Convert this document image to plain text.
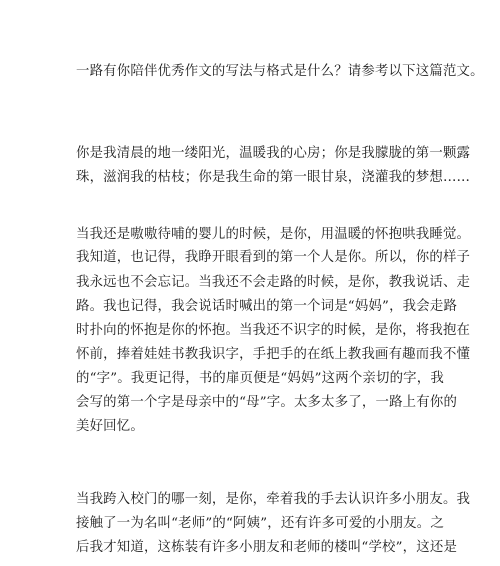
一路有你陪伴优秀作文的写法与格式是什么？请参考以下这篇范文。
你是我清晨的地一缕阳光，温暖我的心房；你是我朦胧的第一颗露
珠，滋润我的枯枝；你是我生命的第一眼甘泉，浇灌我的梦想……
当我还是嗷嗷待哺的婴儿的时候，是你，用温暖的怀抱哄我睡觉。
我知道，也记得，我睁开眼看到的第一个人是你。所以，你的样子
我永远也不会忘记。当我还不会走路的时候，是你，教我说话、走
路。我也记得，我会说话时喊出的第一个词是“妈妈”，我会走路
时扑向的怀抱是你的怀抱。当我还不识字的时候，是你，将我抱在
怀前，捧着娃娃书教我识字，手把手的在纸上教我画有趣而我不懂
的“字”。我更记得，书的扉页便是“妈妈”这两个亲切的字，我
会写的第一个字是母亲中的“母”字。太多太多了，一路上有你的
美好回忆。
当我跨入校门的哪一刻，是你，牵着我的手去认识许多小朋友。我
接触了一为名叫“老师”的“阿姨”，还有许多可爱的小朋友。之
后我才知道，这栋装有许多小朋友和老师的楼叫“学校”，这还是
